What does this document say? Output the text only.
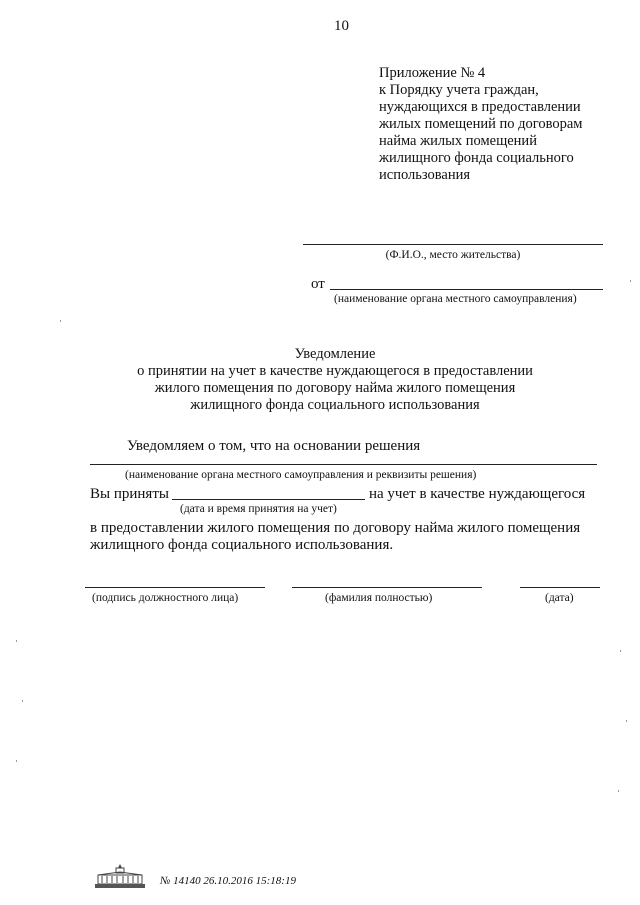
10
Приложение № 4
к Порядку учета граждан,
нуждающихся в предоставлении
жилых помещений по договорам
найма жилых помещений
жилищного фонда социального
использования
(Ф.И.О., место жительства)
от
(наименование органа местного самоуправления)
Уведомление
о принятии на учет в качестве нуждающегося в предоставлении
жилого помещения по договору найма жилого помещения
жилищного фонда социального использования
Уведомляем о том, что на основании решения
(наименование органа местного самоуправления и реквизиты решения)
Вы приняты	на учет в качестве нуждающегося
(дата и время принятия на учет)
в предоставлении жилого помещения по договору найма жилого помещения
жилищного фонда социального использования.
(подпись должностного лица)	(фамилия полностью)	(дата)
№ 14140 26.10.2016 15:18:19
